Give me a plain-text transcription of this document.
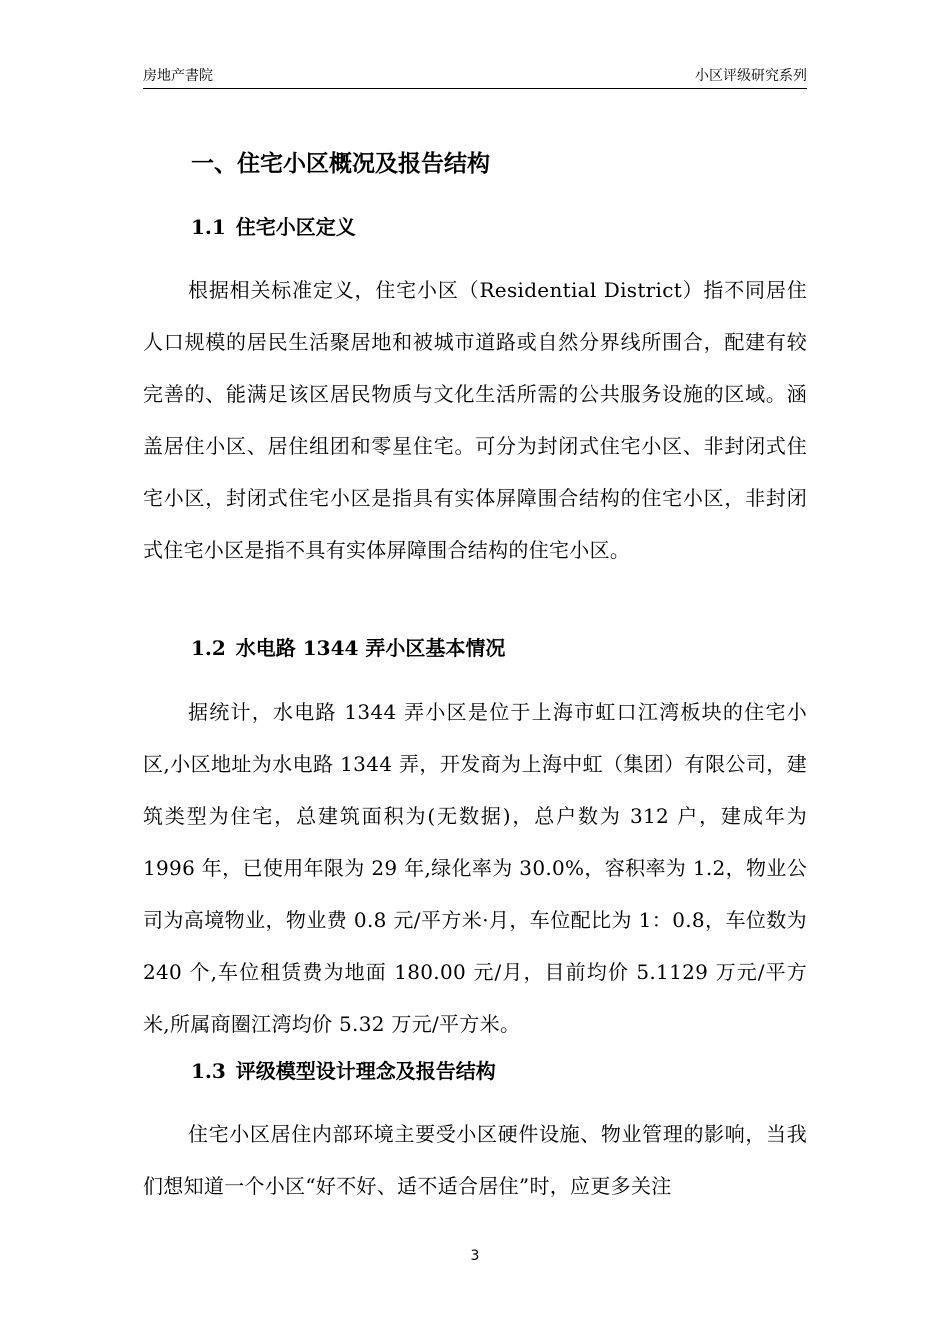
房地产書院	小区评级研究系列
一、住宅小区概况及报告结构
1.1 住宅小区定义
根据相关标准定义，住宅小区（Residential District）指不同居住人口规模的居民生活聚居地和被城市道路或自然分界线所围合，配建有较完善的、能满足该区居民物质与文化生活所需的公共服务设施的区域。涵盖居住小区、居住组团和零星住宅。可分为封闭式住宅小区、非封闭式住宅小区，封闭式住宅小区是指具有实体屏障围合结构的住宅小区，非封闭式住宅小区是指不具有实体屏障围合结构的住宅小区。
1.2 水电路 1344 弄小区基本情况
据统计，水电路 1344 弄小区是位于上海市虹口江湾板块的住宅小区,小区地址为水电路 1344 弄，开发商为上海中虹（集团）有限公司，建筑类型为住宅，总建筑面积为(无数据)，总户数为 312 户，建成年为 1996 年，已使用年限为 29 年,绿化率为 30.0%，容积率为 1.2，物业公司为高境物业，物业费 0.8 元/平方米·月，车位配比为 1：0.8，车位数为 240 个,车位租赁费为地面 180.00 元/月，目前均价 5.1129 万元/平方米,所属商圈江湾均价 5.32 万元/平方米。
1.3 评级模型设计理念及报告结构
住宅小区居住内部环境主要受小区硬件设施、物业管理的影响，当我们想知道一个小区“好不好、适不适合居住”时，应更多关注
3
